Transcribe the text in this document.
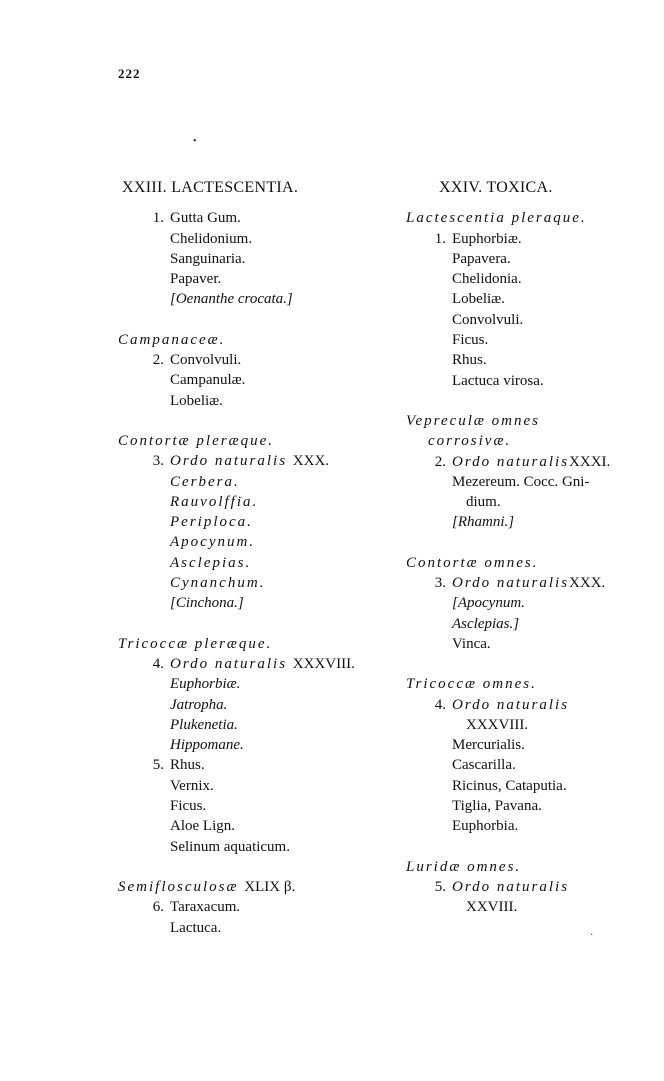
222
•
XXIII. LACTESCENTIA.
1. Gutta Gum.
Chelidonium.
Sanguinaria.
Papaver.
[Oenanthe crocata.]
Campanaceæ.
2. Convolvuli.
Campanulæ.
Lobeliæ.
Contortæ pleræque.
3. Ordo naturalis XXX.
Cerbera.
Rauvolffia.
Periploca.
Apocynum.
Asclepias.
Cynanchum.
[Cinchona.]
Tricoccæ pleræque.
4. Ordo naturalis XXXVIII.
Euphorbiæ.
Jatropha.
Plukenetia.
Hippomane.
5. Rhus.
Vernix.
Ficus.
Aloe Lign.
Selinum aquaticum.
Semiflosculosæ XLIX β.
6. Taraxacum.
Lactuca.
XXIV. TOXICA.
Lactescentia pleraque.
1. Euphorbiæ.
Papavera.
Chelidonia.
Lobeliæ.
Convolvuli.
Ficus.
Rhus.
Lactuca virosa.
Vepreculæ omnes
corrosivæ.
2. Ordo naturalisXXXI.
Mezereum. Cocc. Gni-
dium.
[Rhamni.]
Contortæ omnes.
3. Ordo naturalisXXX.
[Apocynum.
Asclepias.]
Vinca.
Tricoccæ omnes.
4. Ordo naturalis
XXXVIII.
Mercurialis.
Cascarilla.
Ricinus, Cataputia.
Tiglia, Pavana.
Euphorbia.
Luridæ omnes.
5. Ordo naturalis
XXVIII.
·
